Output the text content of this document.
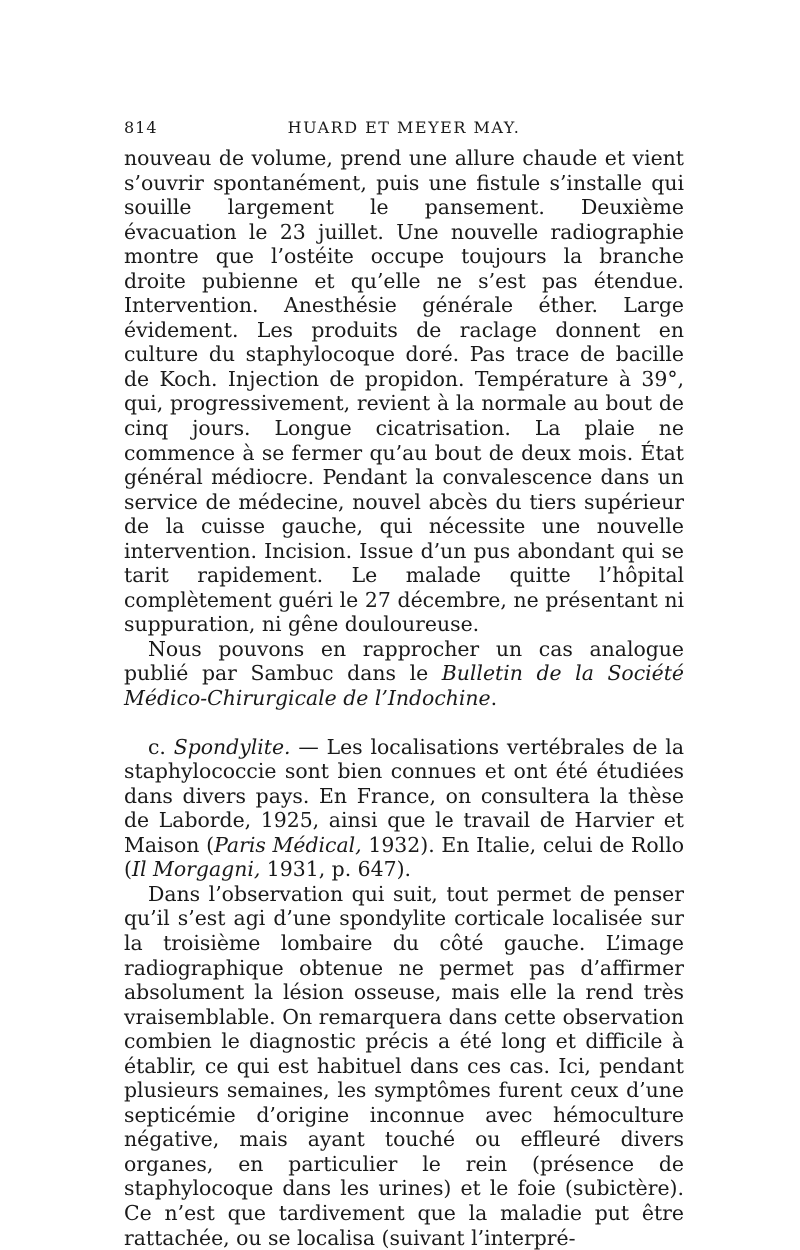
814	HUARD ET MEYER MAY.

nouveau de volume, prend une allure chaude et vient s’ouvrir spontanément, puis une fistule s’installe qui souille largement le pansement. Deuxième évacuation le 23 juillet. Une nouvelle radiographie montre que l’ostéite occupe toujours la branche droite pubienne et qu’elle ne s’est pas étendue. Intervention. Anesthésie générale éther. Large évidement. Les produits de raclage donnent en culture du staphylocoque doré. Pas trace de bacille de Koch. Injection de propidon. Température à 39°, qui, progressivement, revient à la normale au bout de cinq jours. Longue cicatrisation. La plaie ne commence à se fermer qu’au bout de deux mois. État général médiocre. Pendant la convalescence dans un service de médecine, nouvel abcès du tiers supérieur de la cuisse gauche, qui nécessite une nouvelle intervention. Incision. Issue d’un pus abondant qui se tarit rapidement. Le malade quitte l’hôpital complètement guéri le 27 décembre, ne présentant ni suppuration, ni gêne douloureuse.

Nous pouvons en rapprocher un cas analogue publié par Sambuc dans le Bulletin de la Société Médico-Chirurgicale de l’Indochine.

c. Spondylite. — Les localisations vertébrales de la staphylococcie sont bien connues et ont été étudiées dans divers pays. En France, on consultera la thèse de Laborde, 1925, ainsi que le travail de Harvier et Maison (Paris Médical, 1932). En Italie, celui de Rollo (Il Morgagni, 1931, p. 647).

Dans l’observation qui suit, tout permet de penser qu’il s’est agi d’une spondylite corticale localisée sur la troisième lombaire du côté gauche. L’image radiographique obtenue ne permet pas d’affirmer absolument la lésion osseuse, mais elle la rend très vraisemblable. On remarquera dans cette observation combien le diagnostic précis a été long et difficile à établir, ce qui est habituel dans ces cas. Ici, pendant plusieurs semaines, les symptômes furent ceux d’une septicémie d’origine inconnue avec hémoculture négative, mais ayant touché ou effleuré divers organes, en particulier le rein (présence de staphylocoque dans les urines) et le foie (subictère). Ce n’est que tardivement que la maladie put être rattachée, ou se localisa (suivant l’interpré-
